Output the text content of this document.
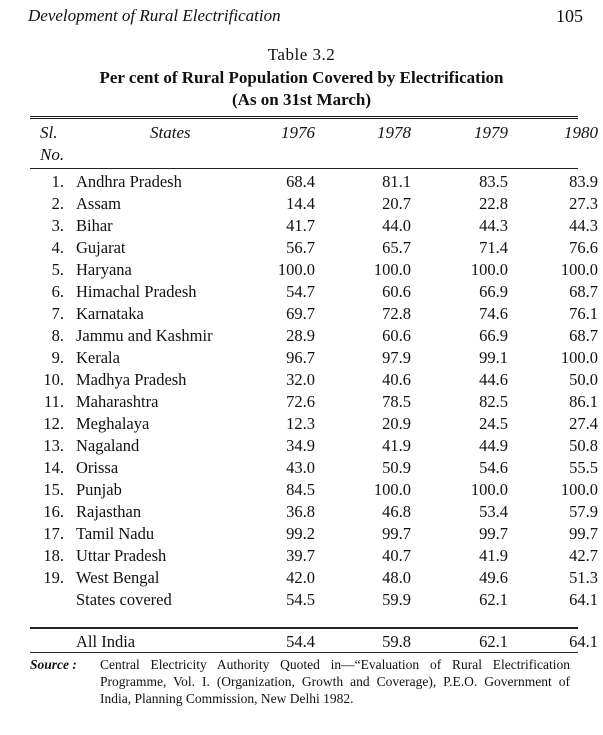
Development of Rural Electrification	105
Table 3.2
Per cent of Rural Population Covered by Electrification
(As on 31st March)
Sl.
No.
States	1976	1978	1979	1980
1. Andhra Pradesh	68.4	81.1	83.5	83.9
2. Assam	14.4	20.7	22.8	27.3
3. Bihar	41.7	44.0	44.3	44.3
4. Gujarat	56.7	65.7	71.4	76.6
5. Haryana	100.0	100.0	100.0	100.0
6. Himachal Pradesh	54.7	60.6	66.9	68.7
7. Karnataka	69.7	72.8	74.6	76.1
8. Jammu and Kashmir	28.9	60.6	66.9	68.7
9. Kerala	96.7	97.9	99.1	100.0
10. Madhya Pradesh	32.0	40.6	44.6	50.0
11. Maharashtra	72.6	78.5	82.5	86.1
12. Meghalaya	12.3	20.9	24.5	27.4
13. Nagaland	34.9	41.9	44.9	50.8
14. Orissa	43.0	50.9	54.6	55.5
15. Punjab	84.5	100.0	100.0	100.0
16. Rajasthan	36.8	46.8	53.4	57.9
17. Tamil Nadu	99.2	99.7	99.7	99.7
18. Uttar Pradesh	39.7	40.7	41.9	42.7
19. West Bengal	42.0	48.0	49.6	51.3
States covered	54.5	59.9	62.1	64.1
All India	54.4	59.8	62.1	64.1
Source : Central Electricity Authority Quoted in—“Evaluation of Rural Electrification Programme, Vol. I. (Organization, Growth and Coverage), P.E.O. Government of India, Planning Commission, New Delhi 1982.
